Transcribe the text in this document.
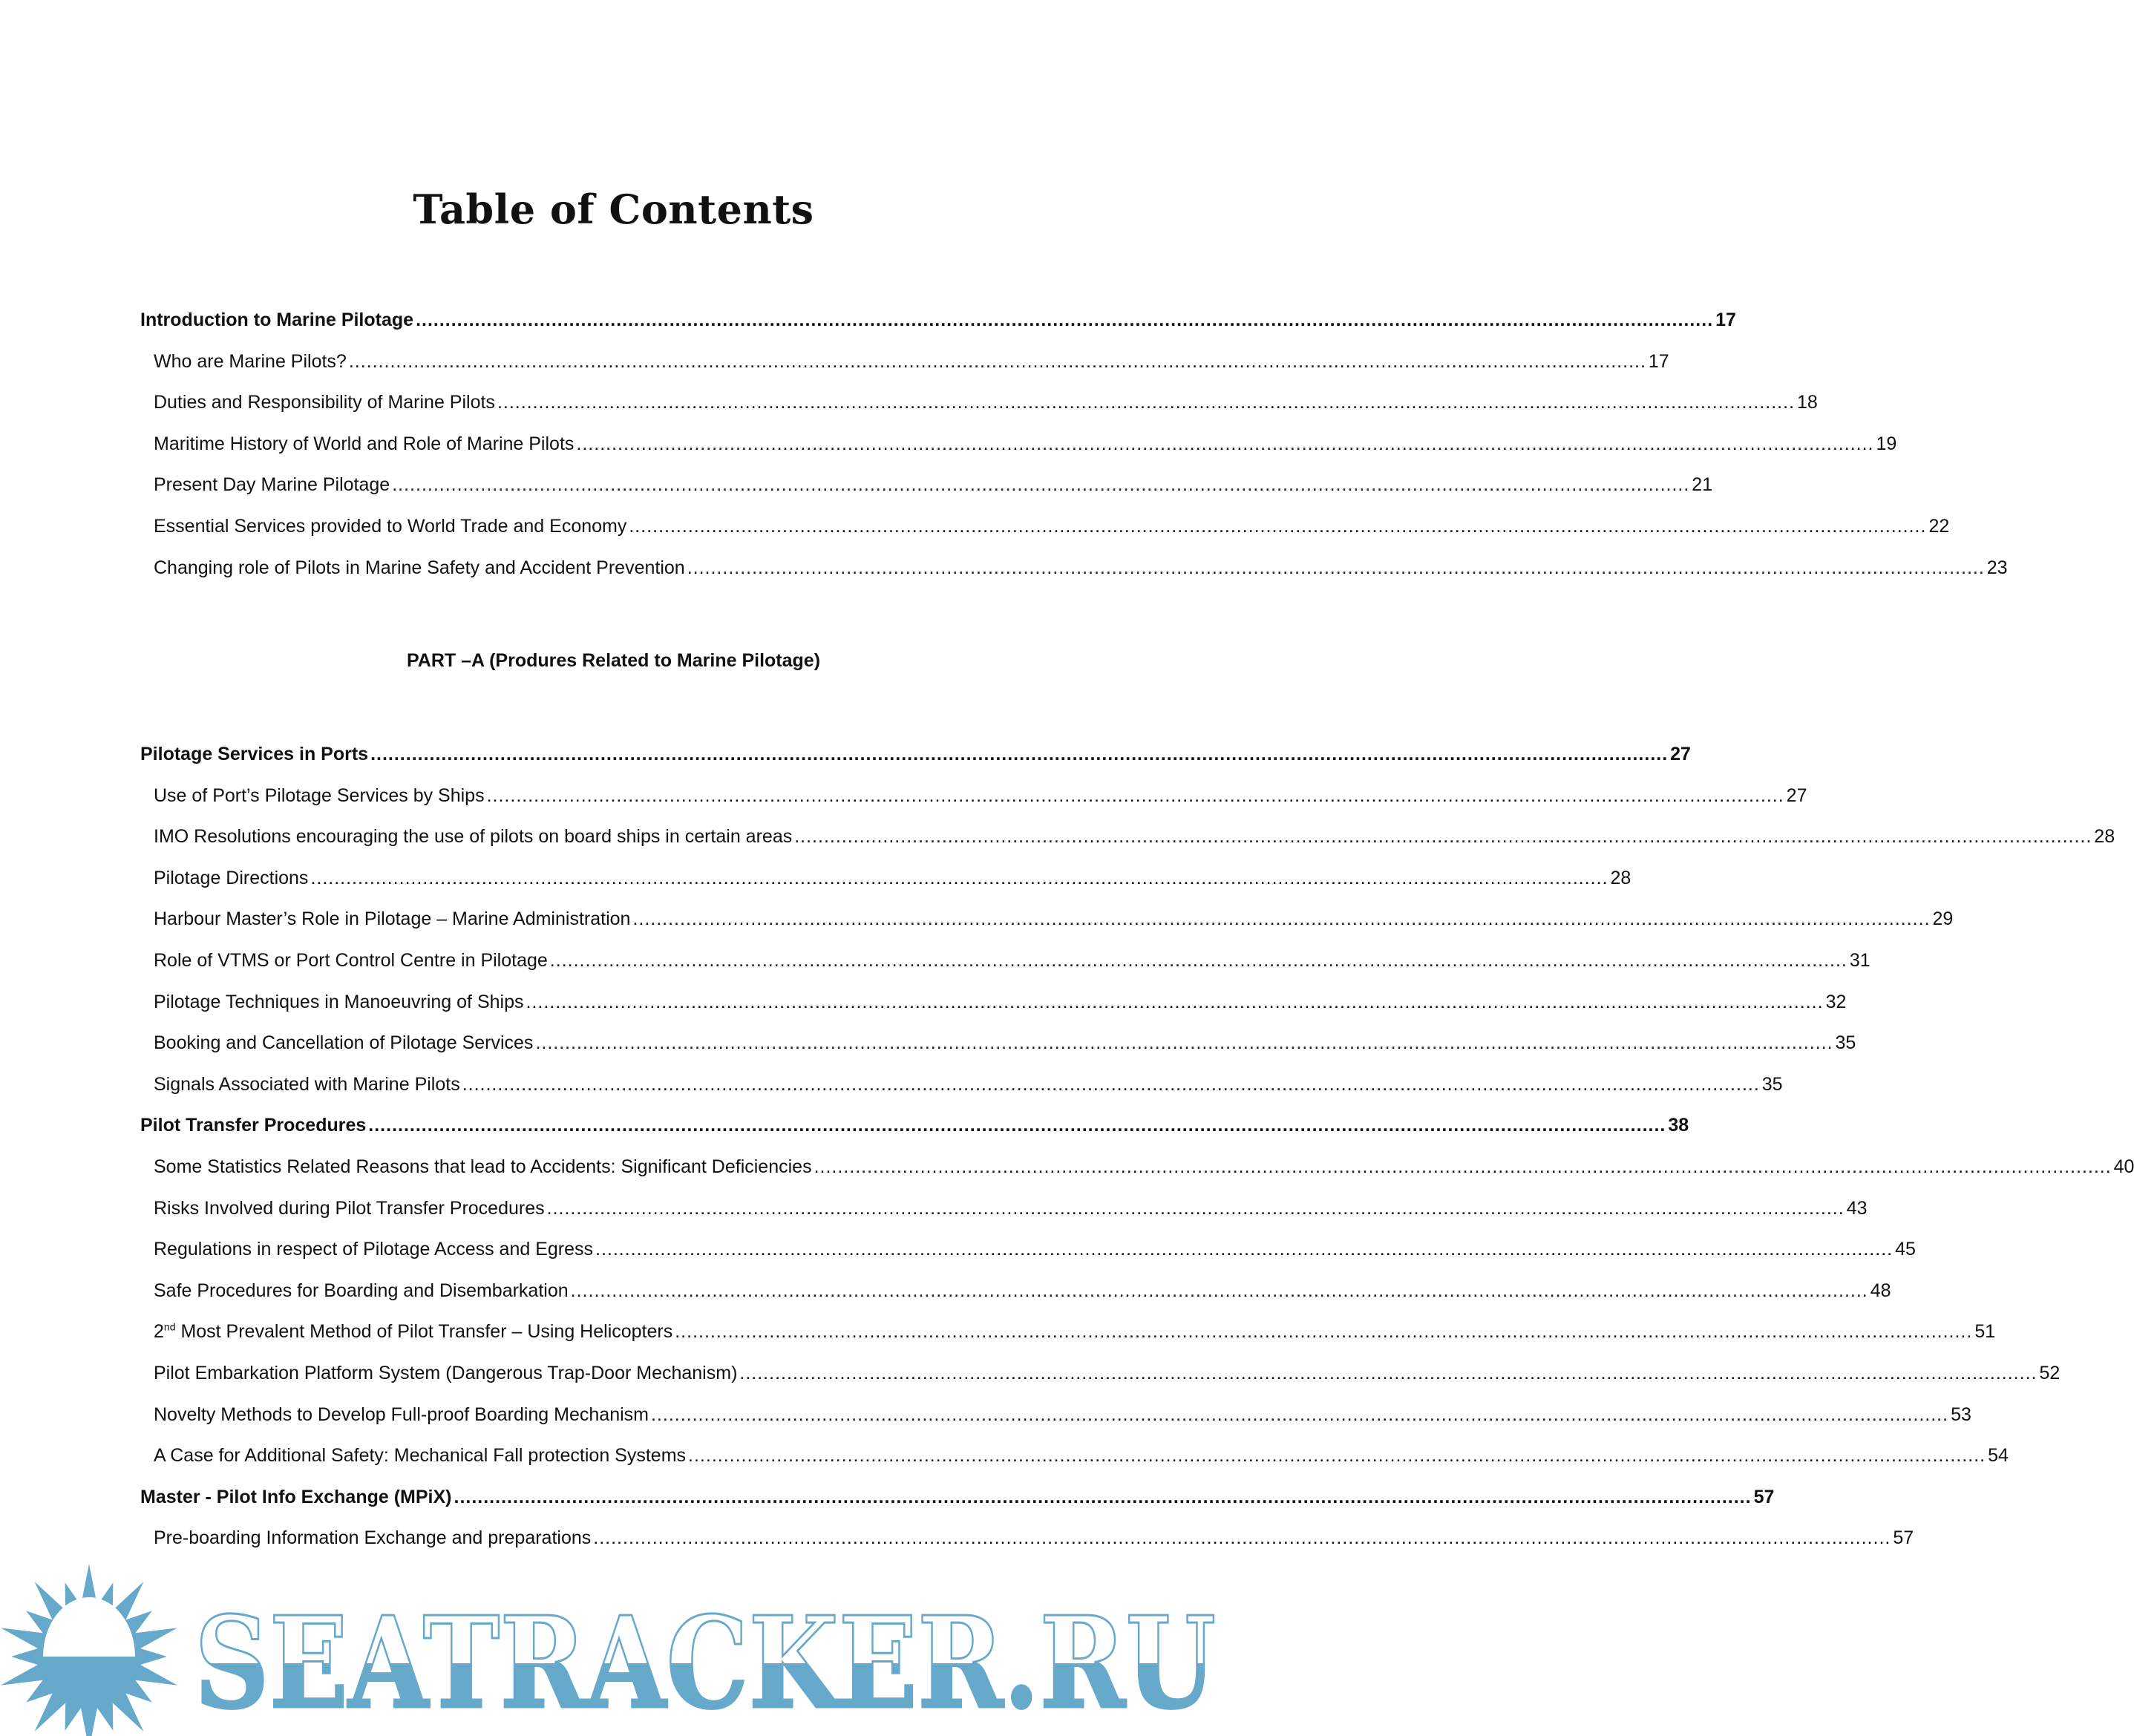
Table of Contents
Introduction to Marine Pilotage .....	17
Who are Marine Pilots? .....	17
Duties and Responsibility of Marine Pilots .....	18
Maritime History of World and Role of Marine Pilots .....	19
Present Day Marine Pilotage .....	21
Essential Services provided to World Trade and Economy .....	22
Changing role of Pilots in Marine Safety and Accident Prevention .....	23
Pilotage Services in Ports .....	27
Use of Port’s Pilotage Services by Ships .....	27
IMO Resolutions encouraging the use of pilots on board ships in certain areas .....	28
Pilotage Directions .....	28
Harbour Master’s Role in Pilotage – Marine Administration .....	29
Role of VTMS or Port Control Centre in Pilotage .....	31
Pilotage Techniques in Manoeuvring of Ships .....	32
Booking and Cancellation of Pilotage Services .....	35
Signals Associated with Marine Pilots .....	35
Pilot Transfer Procedures .....	38
Some Statistics Related Reasons that lead to Accidents: Significant Deficiencies .....	40
Risks Involved during Pilot Transfer Procedures .....	43
Regulations in respect of Pilotage Access and Egress .....	45
Safe Procedures for Boarding and Disembarkation .....	48
2nd Most Prevalent Method of Pilot Transfer – Using Helicopters .....	51
Pilot Embarkation Platform System (Dangerous Trap-Door Mechanism) .....	52
Novelty Methods to Develop Full-proof Boarding Mechanism .....	53
A Case for Additional Safety: Mechanical Fall protection Systems .....	54
Master - Pilot Info Exchange (MPiX) .....	57
Pre-boarding Information Exchange and preparations .....	57
PART –A (Produres Related to Marine Pilotage)
SEATRACKER.RU
